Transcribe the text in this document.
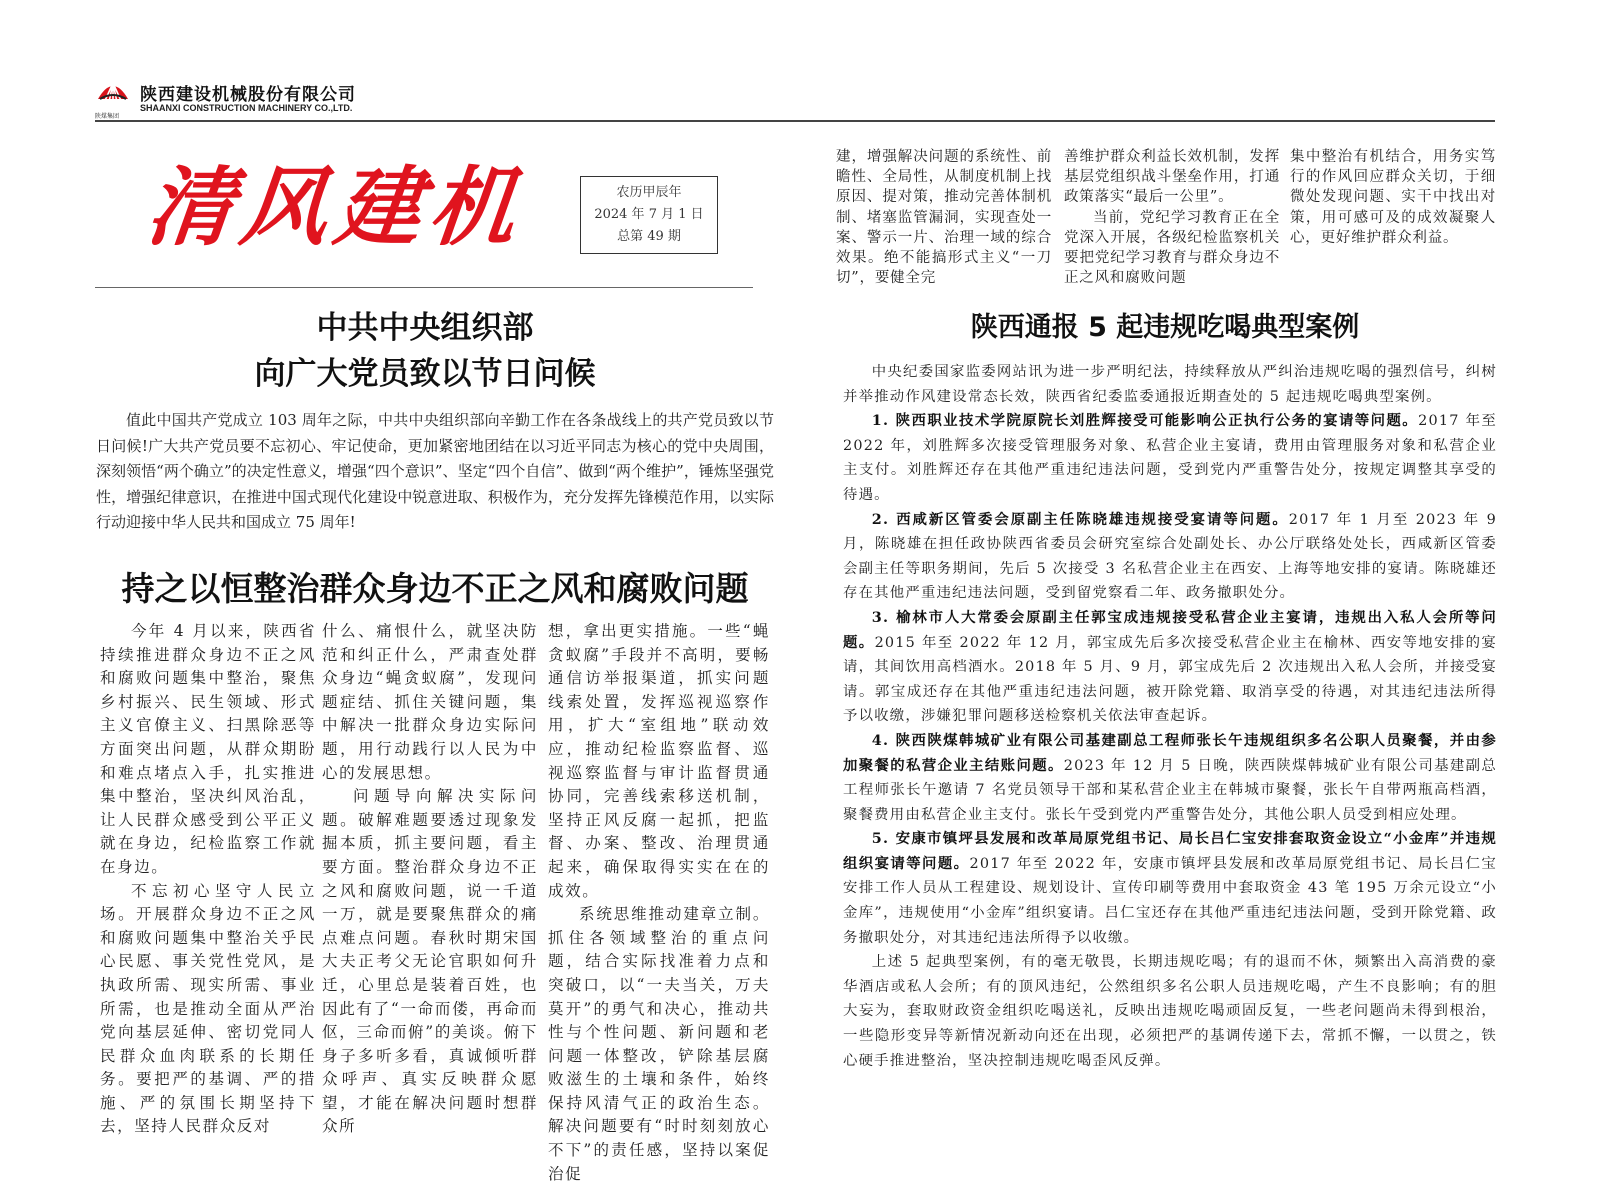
陕西建设机械股份有限公司
SHAANXI CONSTRUCTION MACHINERY CO.,LTD.
陕煤集团
清风建机	农历甲辰年
2024 年 7 月 1 日
总第 49 期
中共中央组织部
向广大党员致以节日问候

值此中国共产党成立 103 周年之际，中共中央组织部向辛勤工作在各条战线上的共产党员致以节日问候!广大共产党员要不忘初心、牢记使命，更加紧密地团结在以习近平同志为核心的党中央周围，深刻领悟“两个确立”的决定性意义，增强“四个意识”、坚定“四个自信”、做到“两个维护”，锤炼坚强党性，增强纪律意识，在推进中国式现代化建设中锐意进取、积极作为，充分发挥先锋模范作用，以实际行动迎接中华人民共和国成立 75 周年!

持之以恒整治群众身边不正之风和腐败问题

今年 4 月以来，陕西省持续推进群众身边不正之风和腐败问题集中整治，聚焦乡村振兴、民生领域、形式主义官僚主义、扫黑除恶等方面突出问题，从群众期盼和难点堵点入手，扎实推进集中整治，坚决纠风治乱，让人民群众感受到公平正义就在身边，纪检监察工作就在身边。

不忘初心坚守人民立场。开展群众身边不正之风和腐败问题集中整治关乎民心民愿、事关党性党风，是执政所需、现实所需、事业所需，也是推动全面从严治党向基层延伸、密切党同人民群众血肉联系的长期任务。要把严的基调、严的措施、严的氛围长期坚持下去，坚持人民群众反对

什么、痛恨什么，就坚决防范和纠正什么，严肃查处群众身边“蝇贪蚁腐”，发现问题症结、抓住关键问题，集中解决一批群众身边实际问题，用行动践行以人民为中心的发展思想。

问题导向解决实际问题。破解难题要透过现象发掘本质，抓主要问题，看主要方面。整治群众身边不正之风和腐败问题，说一千道一万，就是要聚焦群众的痛点难点问题。春秋时期宋国大夫正考父无论官职如何升迁，心里总是装着百姓，也因此有了“一命而偻，再命而伛，三命而俯”的美谈。俯下身子多听多看，真诚倾听群众呼声、真实反映群众愿望，才能在解决问题时想群众所

想，拿出更实措施。一些“蝇贪蚁腐”手段并不高明，要畅通信访举报渠道，抓实问题线索处置，发挥巡视巡察作用，扩大“室组地”联动效应，推动纪检监察监督、巡视巡察监督与审计监督贯通协同，完善线索移送机制，坚持正风反腐一起抓，把监督、办案、整改、治理贯通起来，确保取得实实在在的成效。

系统思维推动建章立制。抓住各领域整治的重点问题，结合实际找准着力点和突破口，以“一夫当关，万夫莫开”的勇气和决心，推动共性与个性问题、新问题和老问题一体整改，铲除基层腐败滋生的土壤和条件，始终保持风清气正的政治生态。解决问题要有“时时刻刻放心不下”的责任感，坚持以案促治促

建，增强解决问题的系统性、前瞻性、全局性，从制度机制上找原因、提对策，推动完善体制机制、堵塞监管漏洞，实现查处一案、警示一片、治理一域的综合效果。绝不能搞形式主义“一刀切”，要健全完

善维护群众利益长效机制，发挥基层党组织战斗堡垒作用，打通政策落实“最后一公里”。

当前，党纪学习教育正在全党深入开展，各级纪检监察机关要把党纪学习教育与群众身边不正之风和腐败问题

集中整治有机结合，用务实笃行的作风回应群众关切，于细微处发现问题、实干中找出对策，用可感可及的成效凝聚人心，更好维护群众利益。

陕西通报 5 起违规吃喝典型案例

中央纪委国家监委网站讯为进一步严明纪法，持续释放从严纠治违规吃喝的强烈信号，纠树并举推动作风建设常态长效，陕西省纪委监委通报近期查处的 5 起违规吃喝典型案例。

1. 陕西职业技术学院原院长刘胜辉接受可能影响公正执行公务的宴请等问题。2017 年至 2022 年，刘胜辉多次接受管理服务对象、私营企业主宴请，费用由管理服务对象和私营企业主支付。刘胜辉还存在其他严重违纪违法问题，受到党内严重警告处分，按规定调整其享受的待遇。

2. 西咸新区管委会原副主任陈晓雄违规接受宴请等问题。2017 年 1 月至 2023 年 9 月，陈晓雄在担任政协陕西省委员会研究室综合处副处长、办公厅联络处处长，西咸新区管委会副主任等职务期间，先后 5 次接受 3 名私营企业主在西安、上海等地安排的宴请。陈晓雄还存在其他严重违纪违法问题，受到留党察看二年、政务撤职处分。

3. 榆林市人大常委会原副主任郭宝成违规接受私营企业主宴请，违规出入私人会所等问题。2015 年至 2022 年 12 月，郭宝成先后多次接受私营企业主在榆林、西安等地安排的宴请，其间饮用高档酒水。2018 年 5 月、9 月，郭宝成先后 2 次违规出入私人会所，并接受宴请。郭宝成还存在其他严重违纪违法问题，被开除党籍、取消享受的待遇，对其违纪违法所得予以收缴，涉嫌犯罪问题移送检察机关依法审查起诉。

4. 陕西陕煤韩城矿业有限公司基建副总工程师张长午违规组织多名公职人员聚餐，并由参加聚餐的私营企业主结账问题。2023 年 12 月 5 日晚，陕西陕煤韩城矿业有限公司基建副总工程师张长午邀请 7 名党员领导干部和某私营企业主在韩城市聚餐，张长午自带两瓶高档酒，聚餐费用由私营企业主支付。张长午受到党内严重警告处分，其他公职人员受到相应处理。

5. 安康市镇坪县发展和改革局原党组书记、局长吕仁宝安排套取资金设立“小金库”并违规组织宴请等问题。2017 年至 2022 年，安康市镇坪县发展和改革局原党组书记、局长吕仁宝安排工作人员从工程建设、规划设计、宣传印刷等费用中套取资金 43 笔 195 万余元设立“小金库”，违规使用“小金库”组织宴请。吕仁宝还存在其他严重违纪违法问题，受到开除党籍、政务撤职处分，对其违纪违法所得予以收缴。

上述 5 起典型案例，有的毫无敬畏，长期违规吃喝；有的退而不休，频繁出入高消费的豪华酒店或私人会所；有的顶风违纪，公然组织多名公职人员违规吃喝，产生不良影响；有的胆大妄为，套取财政资金组织吃喝送礼，反映出违规吃喝顽固反复，一些老问题尚未得到根治，一些隐形变异等新情况新动向还在出现，必须把严的基调传递下去，常抓不懈，一以贯之，铁心硬手推进整治，坚决控制违规吃喝歪风反弹。
